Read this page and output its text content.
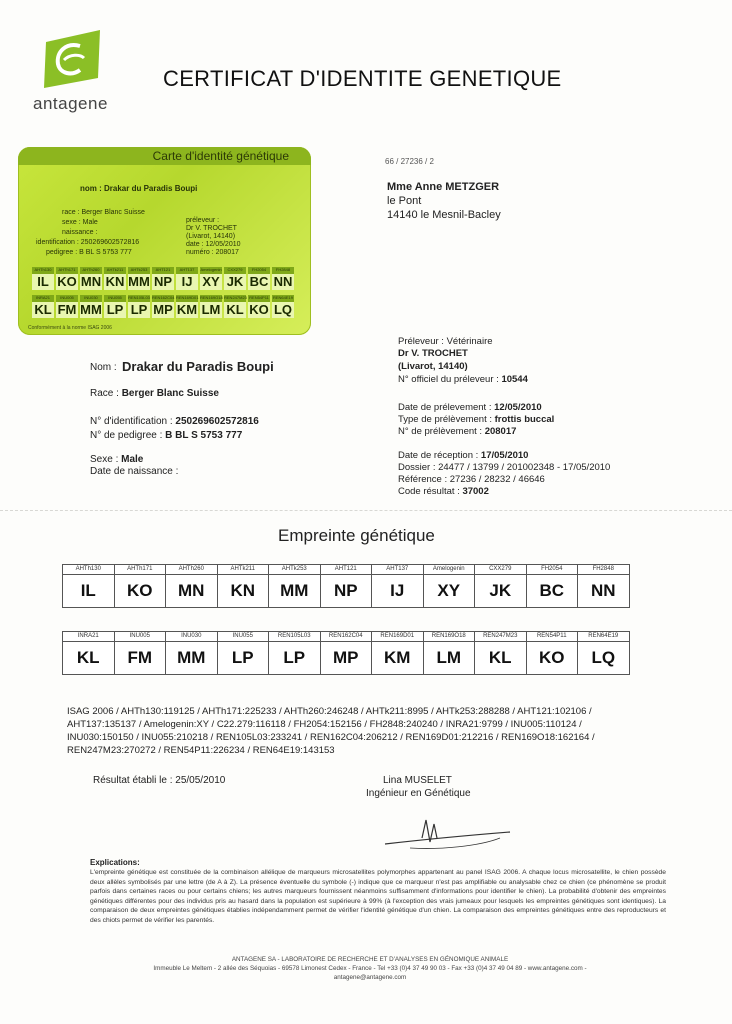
antagene
CERTIFICAT D'IDENTITE GENETIQUE
Carte d'identité génétique
nom : Drakar du Paradis Boupi
race : Berger Blanc Suisse
sexe : Male
naissance :
identification : 250269602572816
pedigree : B BL S 5753 777
préleveur :
Dr V. TROCHET
(Livarot, 14140)
date : 12/05/2010
numéro : 208017
AHTh130
IL
AHTh171
KO
AHTh260
MN
AHTk211
KN
AHTk253
MM
AHT121
NP
AHT137
IJ
Amelogenin
XY
CXX279
JK
FH2054
BC
FH2848
NN
INRA21
KL
INU005
FM
INU030
MM
INU055
LP
REN105L03
LP
REN162C04
MP
REN169D01
KM
REN169O18
LM
REN247M23
KL
REN54P11
KO
REN64E19
LQ
Conformément à la norme ISAG 2006
66 / 27236 / 2
Mme Anne METZGER
le Pont
14140 le Mesnil-Bacley
Nom : Drakar du Paradis Boupi
Race : Berger Blanc Suisse
N° d'identification : 250269602572816
N° de pedigree : B BL S 5753 777
Sexe : Male
Date de naissance :
Préleveur : Vétérinaire
Dr V. TROCHET
(Livarot, 14140)
N° officiel du préleveur : 10544
Date de prélevement : 12/05/2010
Type de prélèvement : frottis buccal
N° de prélèvement : 208017
Date de réception : 17/05/2010
Dossier : 24477 / 13799 / 201002348 - 17/05/2010
Référence : 27236 / 28232 / 46646
Code résultat : 37002
Empreinte génétique
AHTh130
IL
AHTh171
KO
AHTh260
MN
AHTk211
KN
AHTk253
MM
AHT121
NP
AHT137
IJ
Amelogenin
XY
CXX279
JK
FH2054
BC
FH2848
NN
INRA21
KL
INU005
FM
INU030
MM
INU055
LP
REN105L03
LP
REN162C04
MP
REN169D01
KM
REN169O18
LM
REN247M23
KL
REN54P11
KO
REN64E19
LQ
ISAG 2006 / AHTh130:119125 / AHTh171:225233 / AHTh260:246248 / AHTk211:8995 / AHTk253:288288 / AHT121:102106 / AHT137:135137 / Amelogenin:XY / C22.279:116118 / FH2054:152156 / FH2848:240240 / INRA21:9799 / INU005:110124 / INU030:150150 / INU055:210218 / REN105L03:233241 / REN162C04:206212 / REN169D01:212216 / REN169O18:162164 / REN247M23:270272 / REN54P11:226234 / REN64E19:143153
Résultat établi le : 25/05/2010	Lina MUSELET
Ingénieur en Génétique
Explications:
L'empreinte génétique est constituée de la combinaison allélique de marqueurs microsatellites polymorphes appartenant au panel ISAG 2006. A chaque locus microsatellite, le chien possède deux allèles symbolisés par une lettre (de A à Z). La présence éventuelle du symbole (-) indique que ce marqueur n'est pas amplifiable ou analysable chez ce chien (ce phénomène se produit parfois dans certaines races ou pour certains chiens; les autres marqueurs fournissent néanmoins suffisamment d'informations pour identifier le chien). La probabilité d'obtenir des empreintes génétiques différentes pour des individus pris au hasard dans la population est supérieure à 99% (à l'exception des vrais jumeaux pour lesquels les empreintes génétiques sont identiques). La comparaison de deux empreintes génétiques établies indépendamment permet de vérifier l'identité génétique d'un chien. La comparaison des empreintes génétiques entre des reproducteurs et des chiots permet de vérifier les parentés.
ANTAGENE SA - LABORATOIRE DE RECHERCHE ET D'ANALYSES EN GÉNOMIQUE ANIMALE
Immeuble Le Meltem - 2 allée des Séquoias - 69578 Limonest Cedex - France - Tel +33 (0)4 37 49 90 03 - Fax +33 (0)4 37 49 04 89 - www.antagene.com -
antagene@antagene.com
